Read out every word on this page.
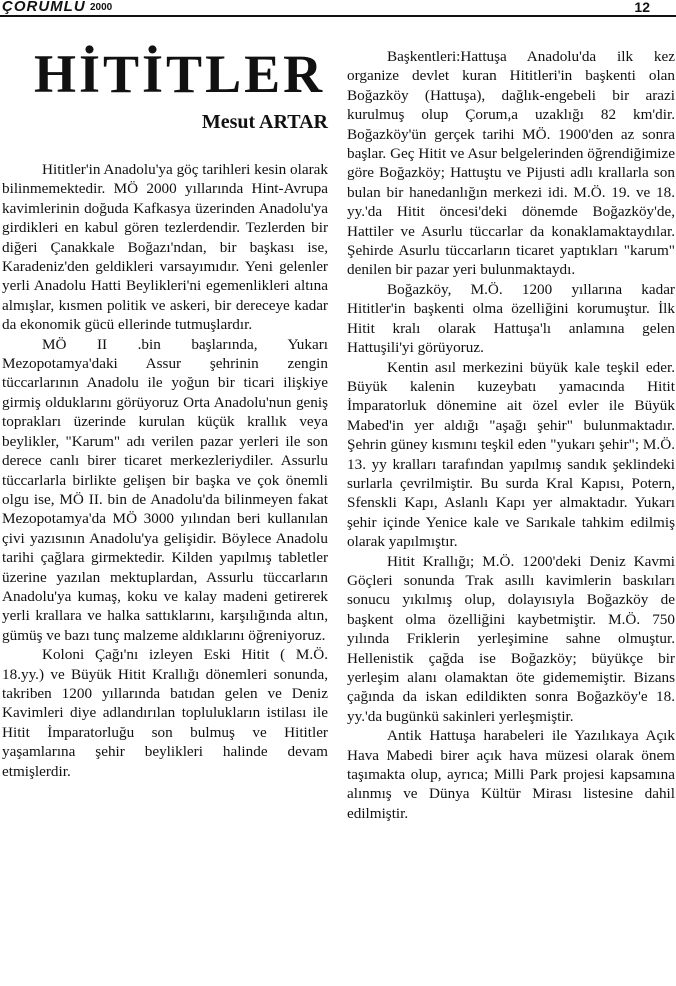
ÇORUMLU 2000	12
HİTİTLER
Mesut ARTAR

Hititler'in Anadolu'ya göç tarihleri kesin olarak bilinmemektedir. MÖ 2000 yıllarında Hint-Avrupa kavimlerinin doğuda Kafkasya üzerinden Anadolu'ya girdikleri en kabul gören tezlerdendir. Tezlerden bir diğeri Çanakkale Boğazı'ndan, bir başkası ise, Karadeniz'den geldikleri varsayımıdır. Yeni gelenler yerli Anadolu Hatti Beylikleri'ni egemenlikleri altına almışlar, kısmen politik ve askeri, bir dereceye kadar da ekonomik gücü ellerinde tutmuşlardır.

MÖ II .bin başlarında, Yukarı Mezopotamya'daki Assur şehrinin zengin tüccarlarının Anadolu ile yoğun bir ticari ilişkiye girmiş olduklarını görüyoruz Orta Anadolu'nun geniş toprakları üzerinde kurulan küçük krallık veya beylikler, "Karum" adı verilen pazar yerleri ile son derece canlı birer ticaret merkezleriydiler. Assurlu tüccarlarla birlikte gelişen bir başka ve çok önemli olgu ise, MÖ II. bin de Anadolu'da bilinmeyen fakat Mezopotamya'da MÖ 3000 yılından beri kullanılan çivi yazısının Anadolu'ya gelişidir. Böylece Anadolu tarihi çağlara girmektedir. Kilden yapılmış tabletler üzerine yazılan mektuplardan, Assurlu tüccarların Anadolu'ya kumaş, koku ve kalay madeni getirerek yerli krallara ve halka sattıklarını, karşılığında altın, gümüş ve bazı tunç malzeme aldıklarını öğreniyoruz.

Koloni Çağı'nı izleyen Eski Hitit ( M.Ö. 18.yy.) ve Büyük Hitit Krallığı dönemleri sonunda, takriben 1200 yıllarında batıdan gelen ve Deniz Kavimleri diye adlandırılan toplulukların istilası ile Hitit İmparatorluğu son bulmuş ve Hititler yaşamlarına şehir beylikleri halinde devam etmişlerdir.

Başkentleri:Hattuşa Anadolu'da ilk kez organize devlet kuran Hititleri'in başkenti olan Boğazköy (Hattuşa), dağlık-engebeli bir arazi kurulmuş olup Çorum,a uzaklığı 82 km'dir. Boğazköy'ün gerçek tarihi MÖ. 1900'den az sonra başlar. Geç Hitit ve Asur belgelerinden öğrendiğimize göre Boğazköy; Hattuştu ve Pijusti adlı krallarla son bulan bir hanedanlığın merkezi idi. M.Ö. 19. ve 18. yy.'da Hitit öncesi'deki dönemde Boğazköy'de, Hattiler ve Asurlu tüccarlar da konaklamaktaydılar. Şehirde Asurlu tüccarların ticaret yaptıkları "karum" denilen bir pazar yeri bulunmaktaydı.

Boğazköy, M.Ö. 1200 yıllarına kadar Hititler'in başkenti olma özelliğini korumuştur. İlk Hitit kralı olarak Hattuşa'lı anlamına gelen Hattuşili'yi görüyoruz.

Kentin asıl merkezini büyük kale teşkil eder. Büyük kalenin kuzeybatı yamacında Hitit İmparatorluk dönemine ait özel evler ile Büyük Mabed'in yer aldığı "aşağı şehir" bulunmaktadır. Şehrin güney kısmını teşkil eden "yukarı şehir"; M.Ö. 13. yy kralları tarafından yapılmış sandık şeklindeki surlarla çevrilmiştir. Bu surda Kral Kapısı, Potern, Sfenskli Kapı, Aslanlı Kapı yer almaktadır. Yukarı şehir içinde Yenice kale ve Sarıkale tahkim edilmiş olarak yapılmıştır.

Hitit Krallığı; M.Ö. 1200'deki Deniz Kavmi Göçleri sonunda Trak asıllı kavimlerin baskıları sonucu yıkılmış olup, dolayısıyla Boğazköy de başkent olma özelliğini kaybetmiştir. M.Ö. 750 yılında Friklerin yerleşimine sahne olmuştur. Hellenistik çağda ise Boğazköy; büyükçe bir yerleşim alanı olamaktan öte gidememiştir. Bizans çağında da iskan edildikten sonra Boğazköy'e 18. yy.'da bugünkü sakinleri yerleşmiştir.

Antik Hattuşa harabeleri ile Yazılıkaya Açık Hava Mabedi birer açık hava müzesi olarak önem taşımakta olup, ayrıca; Milli Park projesi kapsamına alınmış ve Dünya Kültür Mirası listesine dahil edilmiştir.
